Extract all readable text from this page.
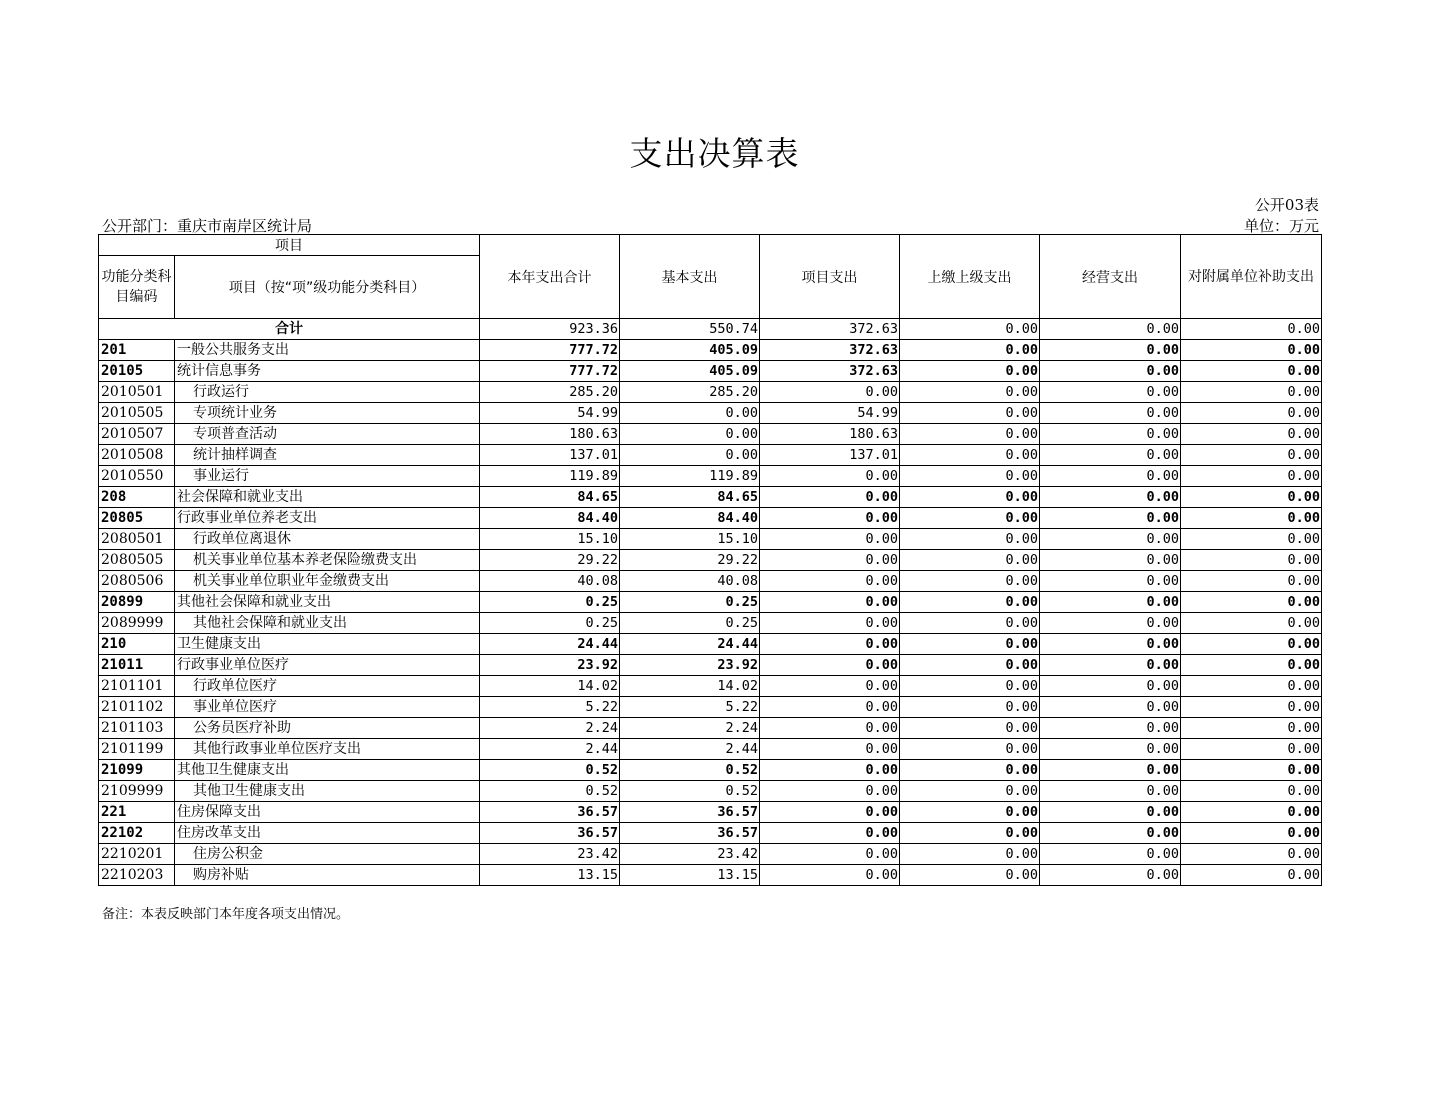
支出决算表
公开03表
公开部门：重庆市南岸区统计局	单位：万元
项目		本年支出合计	基本支出	项目支出	上缴上级支出	经营支出	对附属单位补助支出
功能分类科目编码	项目（按“项”级功能分类科目）						
合计		923.36	550.74	372.63	0.00	0.00	0.00
201	一般公共服务支出	777.72	405.09	372.63	0.00	0.00	0.00
20105	统计信息事务	777.72	405.09	372.63	0.00	0.00	0.00
2010501	行政运行	285.20	285.20	0.00	0.00	0.00	0.00
2010505	专项统计业务	54.99	0.00	54.99	0.00	0.00	0.00
2010507	专项普查活动	180.63	0.00	180.63	0.00	0.00	0.00
2010508	统计抽样调查	137.01	0.00	137.01	0.00	0.00	0.00
2010550	事业运行	119.89	119.89	0.00	0.00	0.00	0.00
208	社会保障和就业支出	84.65	84.65	0.00	0.00	0.00	0.00
20805	行政事业单位养老支出	84.40	84.40	0.00	0.00	0.00	0.00
2080501	行政单位离退休	15.10	15.10	0.00	0.00	0.00	0.00
2080505	机关事业单位基本养老保险缴费支出	29.22	29.22	0.00	0.00	0.00	0.00
2080506	机关事业单位职业年金缴费支出	40.08	40.08	0.00	0.00	0.00	0.00
20899	其他社会保障和就业支出	0.25	0.25	0.00	0.00	0.00	0.00
2089999	其他社会保障和就业支出	0.25	0.25	0.00	0.00	0.00	0.00
210	卫生健康支出	24.44	24.44	0.00	0.00	0.00	0.00
21011	行政事业单位医疗	23.92	23.92	0.00	0.00	0.00	0.00
2101101	行政单位医疗	14.02	14.02	0.00	0.00	0.00	0.00
2101102	事业单位医疗	5.22	5.22	0.00	0.00	0.00	0.00
2101103	公务员医疗补助	2.24	2.24	0.00	0.00	0.00	0.00
2101199	其他行政事业单位医疗支出	2.44	2.44	0.00	0.00	0.00	0.00
21099	其他卫生健康支出	0.52	0.52	0.00	0.00	0.00	0.00
2109999	其他卫生健康支出	0.52	0.52	0.00	0.00	0.00	0.00
221	住房保障支出	36.57	36.57	0.00	0.00	0.00	0.00
22102	住房改革支出	36.57	36.57	0.00	0.00	0.00	0.00
2210201	住房公积金	23.42	23.42	0.00	0.00	0.00	0.00
2210203	购房补贴	13.15	13.15	0.00	0.00	0.00	0.00
备注：本表反映部门本年度各项支出情况。
